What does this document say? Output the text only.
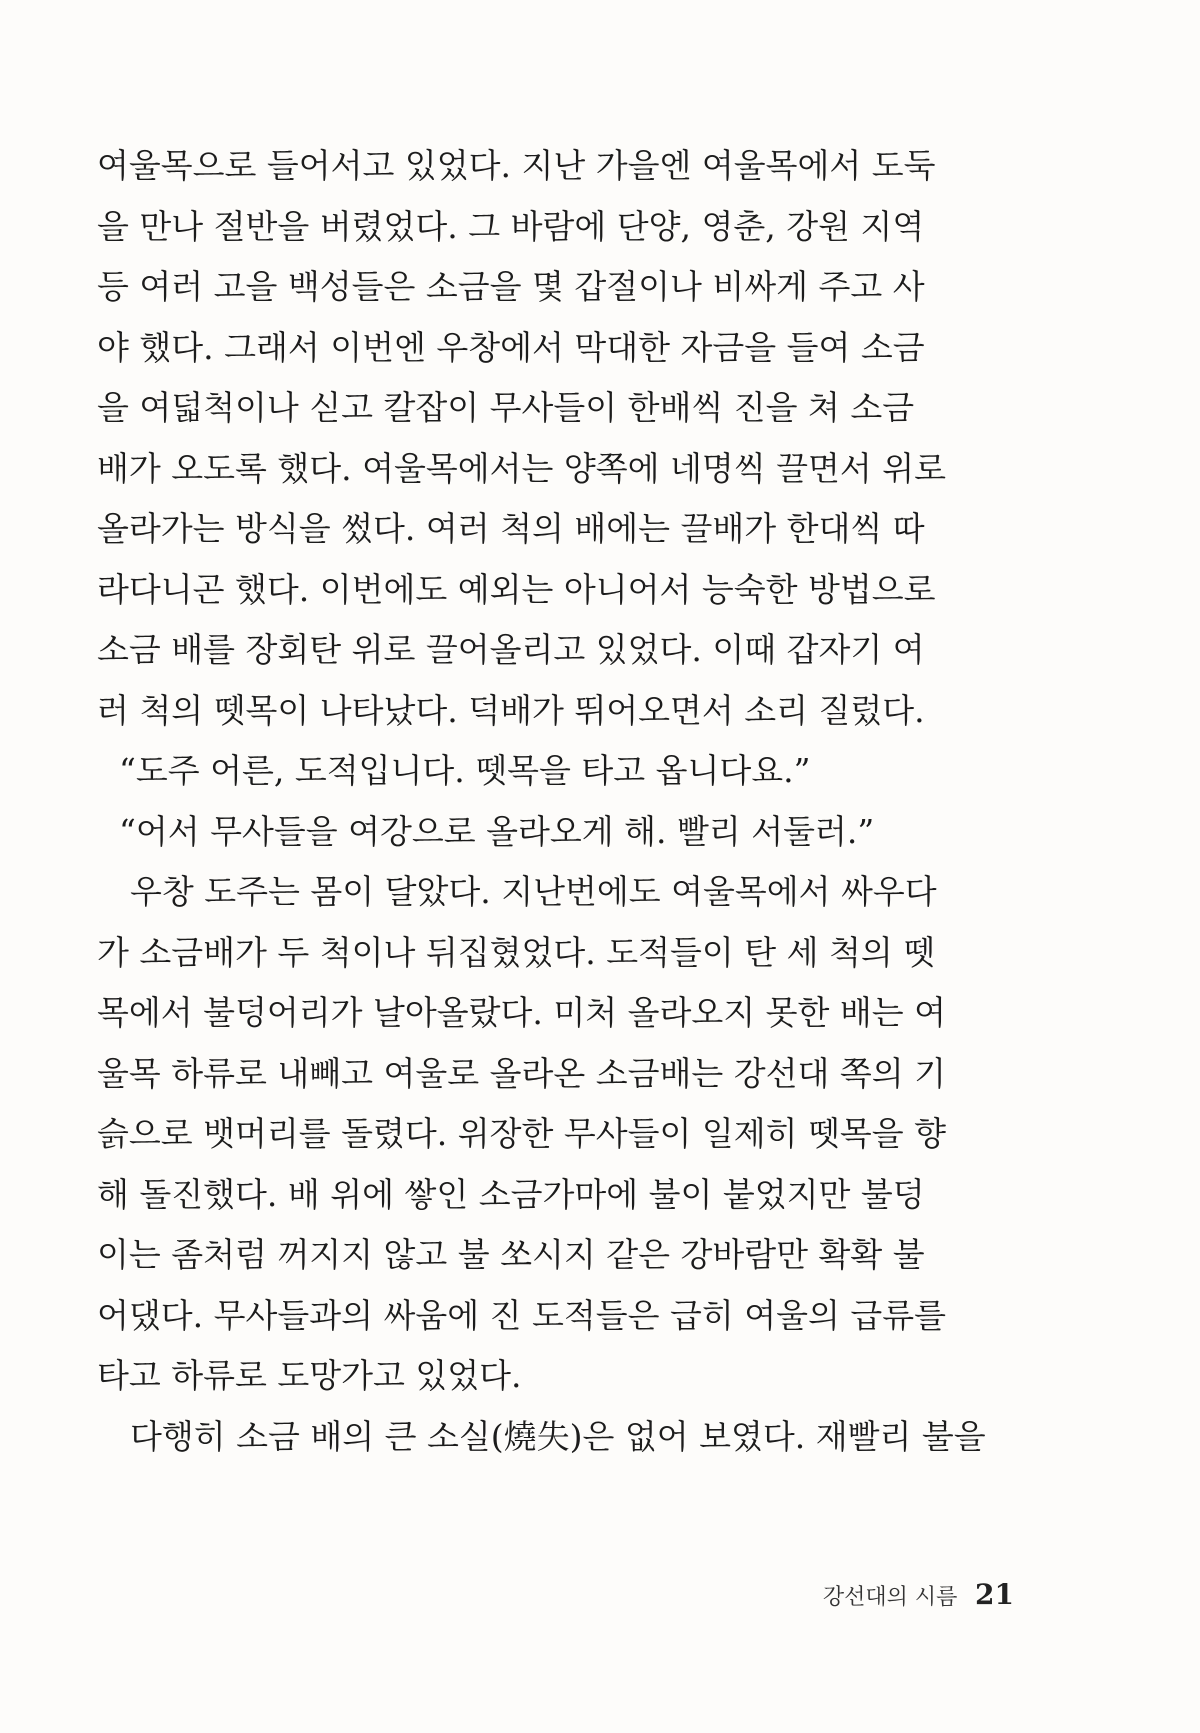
여울목으로 들어서고 있었다. 지난 가을엔 여울목에서 도둑
을 만나 절반을 버렸었다. 그 바람에 단양, 영춘, 강원 지역
등 여러 고을 백성들은 소금을 몇 갑절이나 비싸게 주고 사
야 했다. 그래서 이번엔 우창에서 막대한 자금을 들여 소금
을 여덟척이나 싣고 칼잡이 무사들이 한배씩 진을 쳐 소금
배가 오도록 했다. 여울목에서는 양쪽에 네명씩 끌면서 위로
올라가는 방식을 썼다. 여러 척의 배에는 끌배가 한대씩 따
라다니곤 했다. 이번에도 예외는 아니어서 능숙한 방법으로
소금 배를 장회탄 위로 끌어올리고 있었다. 이때 갑자기 여
러 척의 뗏목이 나타났다. 덕배가 뛰어오면서 소리 질렀다.
“도주 어른, 도적입니다. 뗏목을 타고 옵니다요.”
“어서 무사들을 여강으로 올라오게 해. 빨리 서둘러.”
우창 도주는 몸이 달았다. 지난번에도 여울목에서 싸우다
가 소금배가 두 척이나 뒤집혔었다. 도적들이 탄 세 척의 뗏
목에서 불덩어리가 날아올랐다. 미처 올라오지 못한 배는 여
울목 하류로 내빼고 여울로 올라온 소금배는 강선대 쪽의 기
슭으로 뱃머리를 돌렸다. 위장한 무사들이 일제히 뗏목을 향
해 돌진했다. 배 위에 쌓인 소금가마에 불이 붙었지만 불덩
이는 좀처럼 꺼지지 않고 불 쏘시지 같은 강바람만 확확 불
어댔다. 무사들과의 싸움에 진 도적들은 급히 여울의 급류를
타고 하류로 도망가고 있었다.
다행히 소금 배의 큰 소실(燒失)은 없어 보였다. 재빨리 불을
강선대의 시름 21
